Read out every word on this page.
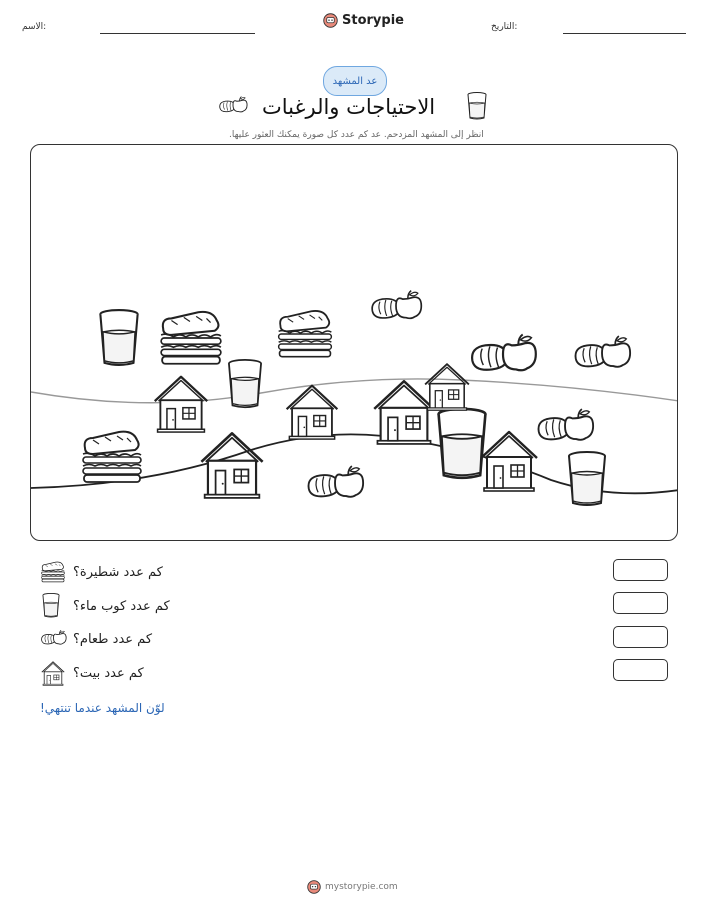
الاسم:	Storypie	التاريخ:
عد المشهد
الاحتياجات والرغبات
انظر إلى المشهد المزدحم. عد كم عدد كل صورة يمكنك العثور عليها.
كم عدد شطيرة؟
كم عدد كوب ماء؟
كم عدد طعام؟
كم عدد بيت؟
لوّن المشهد عندما تنتهي!
mystorypie.com
